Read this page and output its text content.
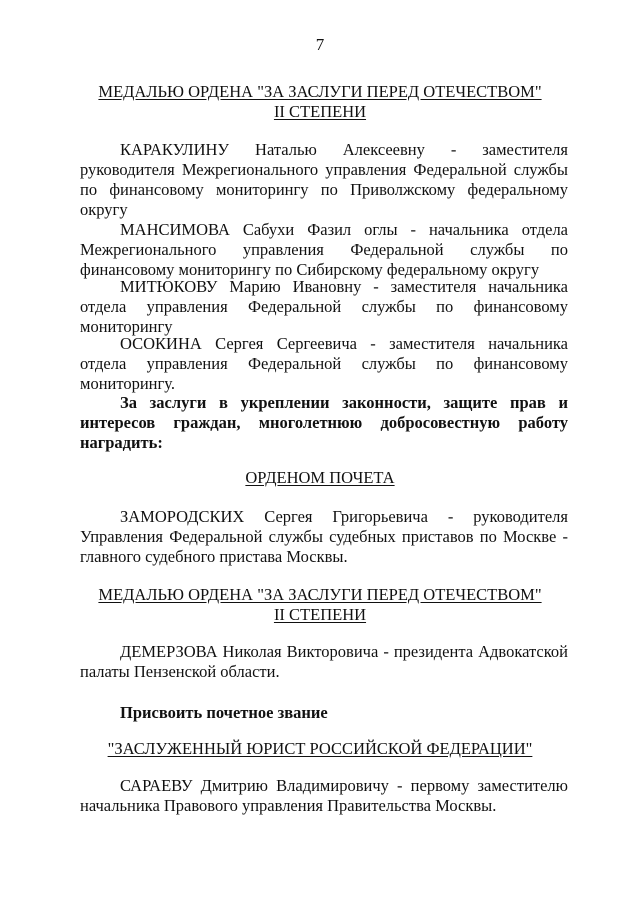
7
МЕДАЛЬЮ ОРДЕНА "ЗА ЗАСЛУГИ ПЕРЕД ОТЕЧЕСТВОМ"
II СТЕПЕНИ
КАРАКУЛИНУ Наталью Алексеевну - заместителя руководителя Межрегионального управления Федеральной службы по финансовому мониторингу по Приволжскому федеральному округу
МАНСИМОВА Сабухи Фазил оглы - начальника отдела Межрегионального управления Федеральной службы по финансовому мониторингу по Сибирскому федеральному округу
МИТЮКОВУ Марию Ивановну - заместителя начальника отдела управления Федеральной службы по финансовому мониторингу
ОСОКИНА Сергея Сергеевича - заместителя начальника отдела управления Федеральной службы по финансовому мониторингу.
За заслуги в укреплении законности, защите прав и интересов граждан, многолетнюю добросовестную работу наградить:
ОРДЕНОМ ПОЧЕТА
ЗАМОРОДСКИХ Сергея Григорьевича - руководителя Управления Федеральной службы судебных приставов по Москве - главного судебного пристава Москвы.
МЕДАЛЬЮ ОРДЕНА "ЗА ЗАСЛУГИ ПЕРЕД ОТЕЧЕСТВОМ"
II СТЕПЕНИ
ДЕМЕРЗОВА Николая Викторовича - президента Адвокатской палаты Пензенской области.
Присвоить почетное звание
"ЗАСЛУЖЕННЫЙ ЮРИСТ РОССИЙСКОЙ ФЕДЕРАЦИИ"
САРАЕВУ Дмитрию Владимировичу - первому заместителю начальника Правового управления Правительства Москвы.
